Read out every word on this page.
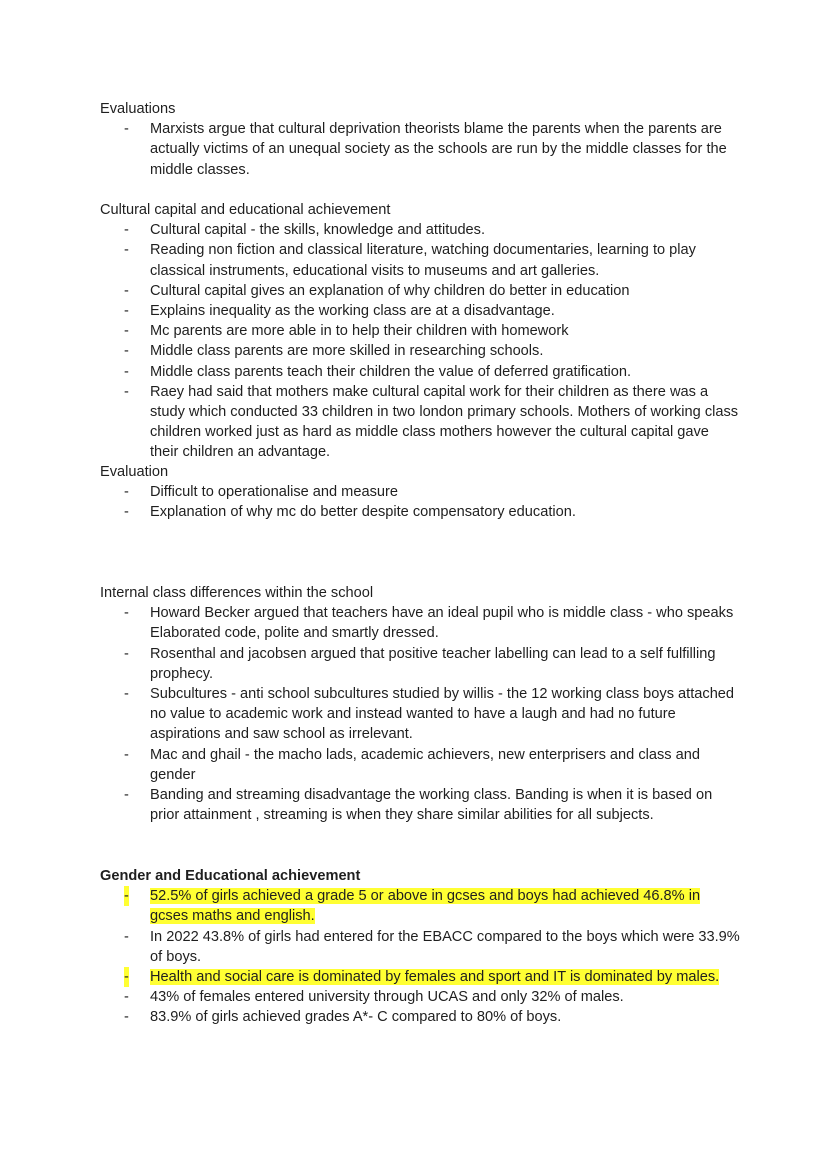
Evaluations
- Marxists argue that cultural deprivation theorists blame the parents when the parents are actually victims of an unequal society as the schools are run by the middle classes for the middle classes.
Cultural capital and educational achievement
- Cultural capital - the skills, knowledge and attitudes.
- Reading non fiction and classical literature, watching documentaries, learning to play classical instruments, educational visits to museums and art galleries.
- Cultural capital gives an explanation of why children do better in education
- Explains inequality as the working class are at a disadvantage.
- Mc parents are more able in to help their children with homework
- Middle class parents are more skilled in researching schools.
- Middle class parents teach their children the value of deferred gratification.
- Raey had said that mothers make cultural capital work for their children as there was a study which conducted 33 children in two london primary schools. Mothers of working class children worked just as hard as middle class mothers however the cultural capital gave their children an advantage.
Evaluation
- Difficult to operationalise and measure
- Explanation of why mc do better despite compensatory education.
Internal class differences within the school
- Howard Becker argued that teachers have an ideal pupil who is middle class - who speaks Elaborated code, polite and smartly dressed.
- Rosenthal and jacobsen argued that positive teacher labelling can lead to a self fulfilling prophecy.
- Subcultures - anti school subcultures studied by willis - the 12 working class boys attached no value to academic work and instead wanted to have a laugh and had no future aspirations and saw school as irrelevant.
- Mac and ghail - the macho lads, academic achievers, new enterprisers and class and gender
- Banding and streaming disadvantage the working class. Banding is when it is based on prior attainment , streaming is when they share similar abilities for all subjects.
Gender and Educational achievement
- 52.5% of girls achieved a grade 5 or above in gcses and boys had achieved 46.8% in gcses maths and english.
- In 2022 43.8% of girls had entered for the EBACC compared to the boys which were 33.9% of boys.
- Health and social care is dominated by females and sport and IT is dominated by males.
- 43% of females entered university through UCAS and only 32% of males.
- 83.9% of girls achieved grades A*- C compared to 80% of boys.
